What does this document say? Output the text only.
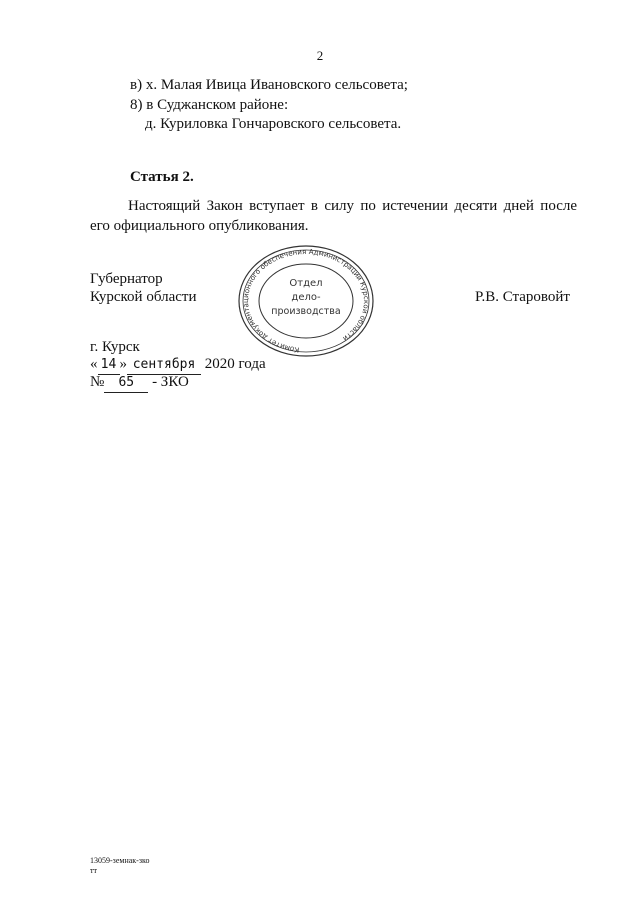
2
в) х. Малая Ивица Ивановского сельсовета;
8) в Суджанском районе:
д. Куриловка Гончаровского сельсовета.
Статья 2.
Настоящий Закон вступает в силу по истечении десяти дней после его официального опубликования.
Губернатор
Курской области	Р.В. Старовойт
Комитет документационного обеспечения Администрации Курской области
Отдел
дело-
производства
г. Курск
« 14 » сентября 2020 года
№ 65 - ЗКО
13059-земнак-зко
тт
